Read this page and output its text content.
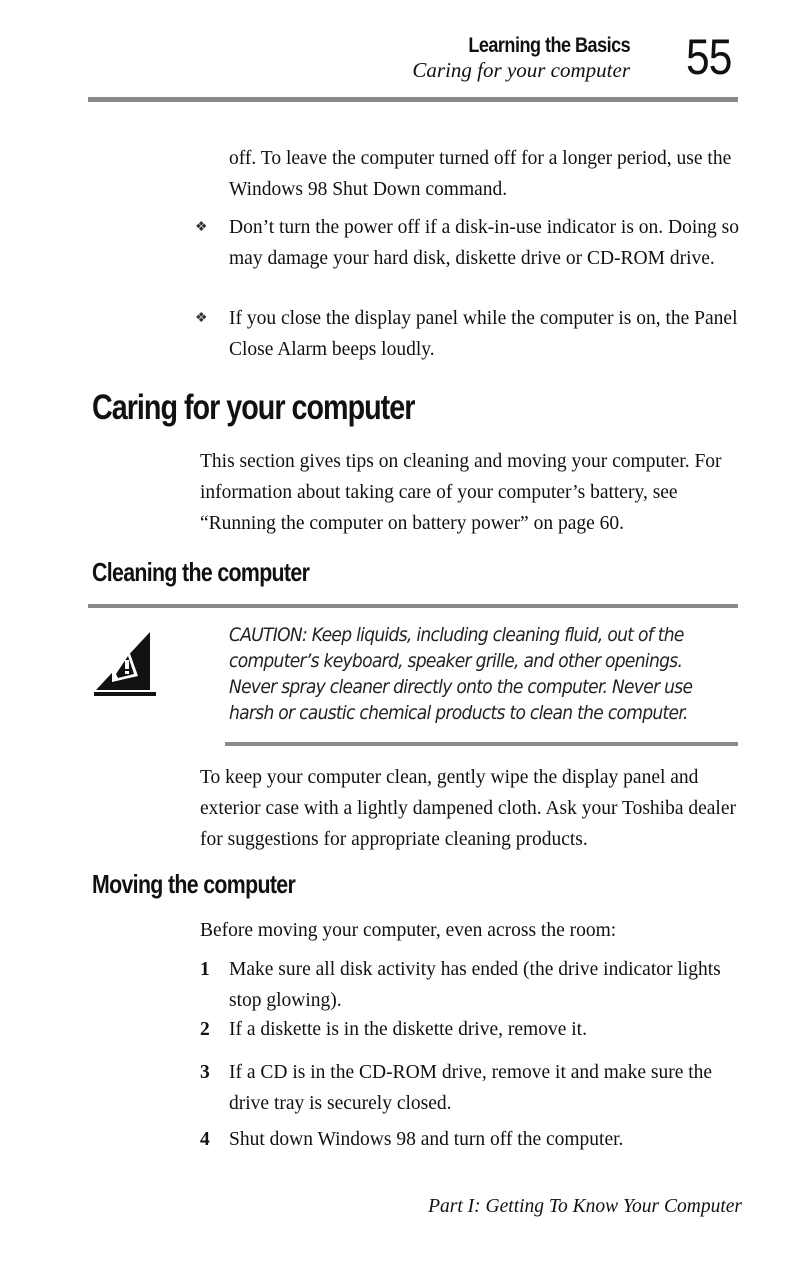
Learning the Basics
Caring for your computer 55

off. To leave the computer turned off for a longer period, use the Windows 98 Shut Down command.

❖ Don’t turn the power off if a disk-in-use indicator is on. Doing so may damage your hard disk, diskette drive or CD-ROM drive.

❖ If you close the display panel while the computer is on, the Panel Close Alarm beeps loudly.

Caring for your computer

This section gives tips on cleaning and moving your computer. For information about taking care of your computer’s battery, see “Running the computer on battery power” on page 60.

Cleaning the computer

CAUTION: Keep liquids, including cleaning fluid, out of the computer’s keyboard, speaker grille, and other openings. Never spray cleaner directly onto the computer. Never use harsh or caustic chemical products to clean the computer.

To keep your computer clean, gently wipe the display panel and exterior case with a lightly dampened cloth. Ask your Toshiba dealer for suggestions for appropriate cleaning products.

Moving the computer

Before moving your computer, even across the room:

1 Make sure all disk activity has ended (the drive indicator lights stop glowing).

2 If a diskette is in the diskette drive, remove it.

3 If a CD is in the CD-ROM drive, remove it and make sure the drive tray is securely closed.

4 Shut down Windows 98 and turn off the computer.

Part I: Getting To Know Your Computer
